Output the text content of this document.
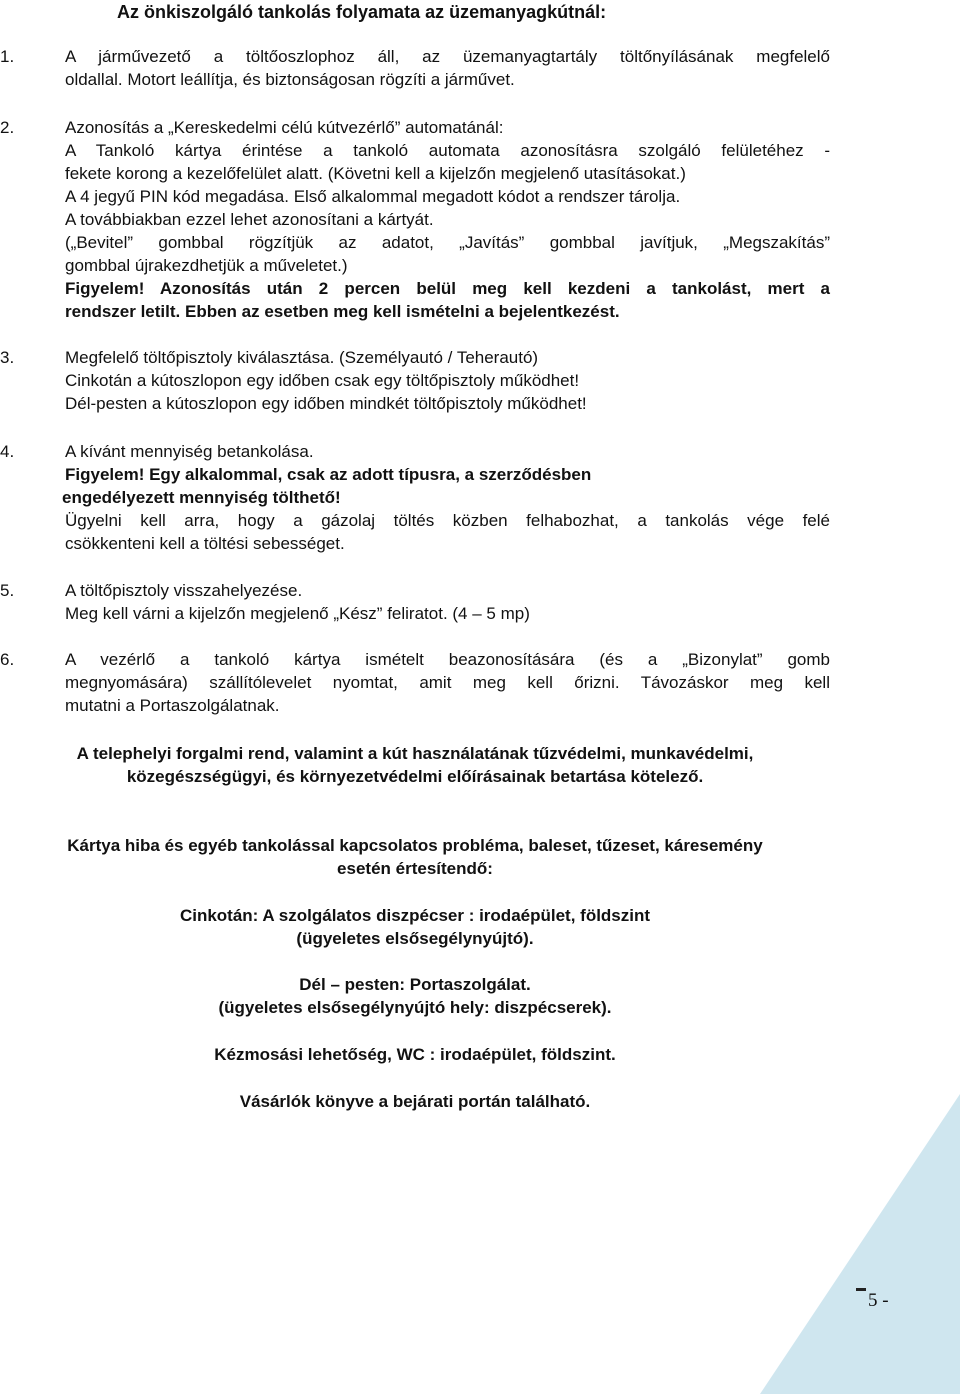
Az önkiszolgáló tankolás folyamata az üzemanyagkútnál:
1.	A járművezető a töltőoszlophoz áll, az üzemanyagtartály töltőnyílásának megfelelő
oldallal. Motort leállítja, és biztonságosan rögzíti a járművet.
2.	Azonosítás a „Kereskedelmi célú kútvezérlő” automatánál:
A Tankoló kártya érintése a tankoló automata azonosításra szolgáló felületéhez -
fekete korong a kezelőfelület alatt. (Követni kell a kijelzőn megjelenő utasításokat.)
A 4 jegyű PIN kód megadása. Első alkalommal megadott kódot a rendszer tárolja.
A továbbiakban ezzel lehet azonosítani a kártyát.
(„Bevitel” gombbal rögzítjük az adatot, „Javítás” gombbal javítjuk, „Megszakítás”
gombbal újrakezdhetjük a műveletet.)
Figyelem! Azonosítás után 2 percen belül meg kell kezdeni a tankolást, mert a
rendszer letilt. Ebben az esetben meg kell ismételni a bejelentkezést.
3.	Megfelelő töltőpisztoly kiválasztása. (Személyautó / Teherautó)
Cinkotán a kútoszlopon egy időben csak egy töltőpisztoly működhet!
Dél-pesten a kútoszlopon egy időben mindkét töltőpisztoly működhet!
4.	A kívánt mennyiség betankolása.
Figyelem! Egy alkalommal, csak az adott típusra, a szerződésben
engedélyezett mennyiség tölthető!
Ügyelni kell arra, hogy a gázolaj töltés közben felhabozhat, a tankolás vége felé
csökkenteni kell a töltési sebességet.
5.	A töltőpisztoly visszahelyezése.
Meg kell várni a kijelzőn megjelenő „Kész” feliratot. (4 – 5 mp)
6.	A vezérlő a tankoló kártya ismételt beazonosítására (és a „Bizonylat” gomb
megnyomására) szállítólevelet nyomtat, amit meg kell őrizni. Távozáskor meg kell
mutatni a Portaszolgálatnak.
A telephelyi forgalmi rend, valamint a kút használatának tűzvédelmi, munkavédelmi,
közegészségügyi, és környezetvédelmi előírásainak betartása kötelező.
Kártya hiba és egyéb tankolással kapcsolatos probléma, baleset, tűzeset, káresemény
esetén értesítendő:
Cinkotán: A szolgálatos diszpécser : irodaépület, földszint
(ügyeletes elsősegélynyújtó).
Dél – pesten: Portaszolgálat.
(ügyeletes elsősegélynyújtó hely: diszpécserek).
Kézmosási lehetőség, WC : irodaépület, földszint.
Vásárlók könyve a bejárati portán található.
5 -
